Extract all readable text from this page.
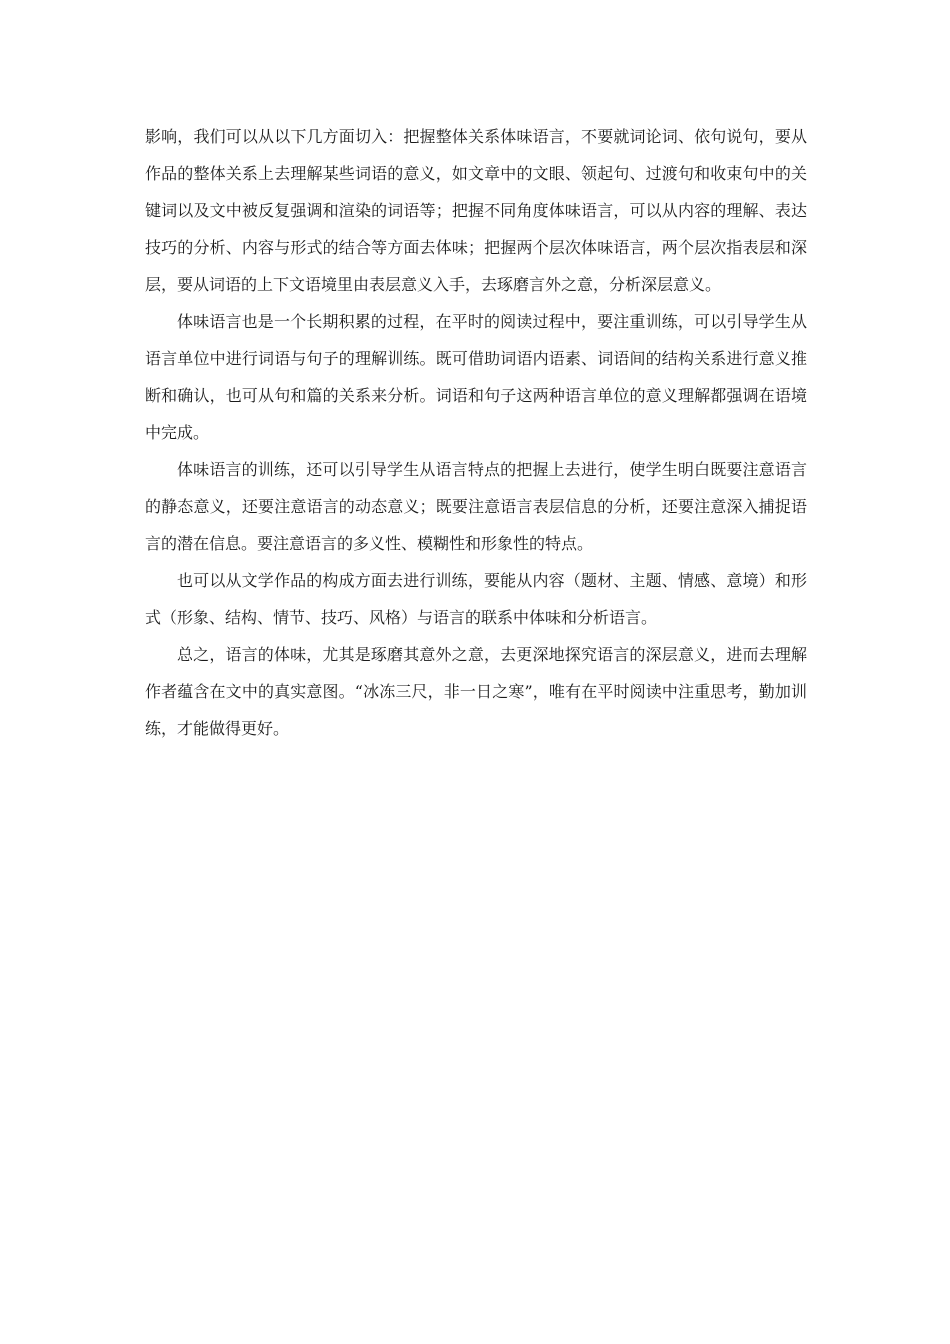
影响，我们可以从以下几方面切入：把握整体关系体味语言，不要就词论词、依句说句，要从作品的整体关系上去理解某些词语的意义，如文章中的文眼、领起句、过渡句和收束句中的关键词以及文中被反复强调和渲染的词语等；把握不同角度体味语言，可以从内容的理解、表达技巧的分析、内容与形式的结合等方面去体味；把握两个层次体味语言，两个层次指表层和深层，要从词语的上下文语境里由表层意义入手，去琢磨言外之意，分析深层意义。

体味语言也是一个长期积累的过程，在平时的阅读过程中，要注重训练，可以引导学生从语言单位中进行词语与句子的理解训练。既可借助词语内语素、词语间的结构关系进行意义推断和确认，也可从句和篇的关系来分析。词语和句子这两种语言单位的意义理解都强调在语境中完成。

体味语言的训练，还可以引导学生从语言特点的把握上去进行，使学生明白既要注意语言的静态意义，还要注意语言的动态意义；既要注意语言表层信息的分析，还要注意深入捕捉语言的潜在信息。要注意语言的多义性、模糊性和形象性的特点。

也可以从文学作品的构成方面去进行训练，要能从内容（题材、主题、情感、意境）和形式（形象、结构、情节、技巧、风格）与语言的联系中体味和分析语言。

总之，语言的体味，尤其是琢磨其意外之意，去更深地探究语言的深层意义，进而去理解作者蕴含在文中的真实意图。“冰冻三尺，非一日之寒”，唯有在平时阅读中注重思考，勤加训练，才能做得更好。
